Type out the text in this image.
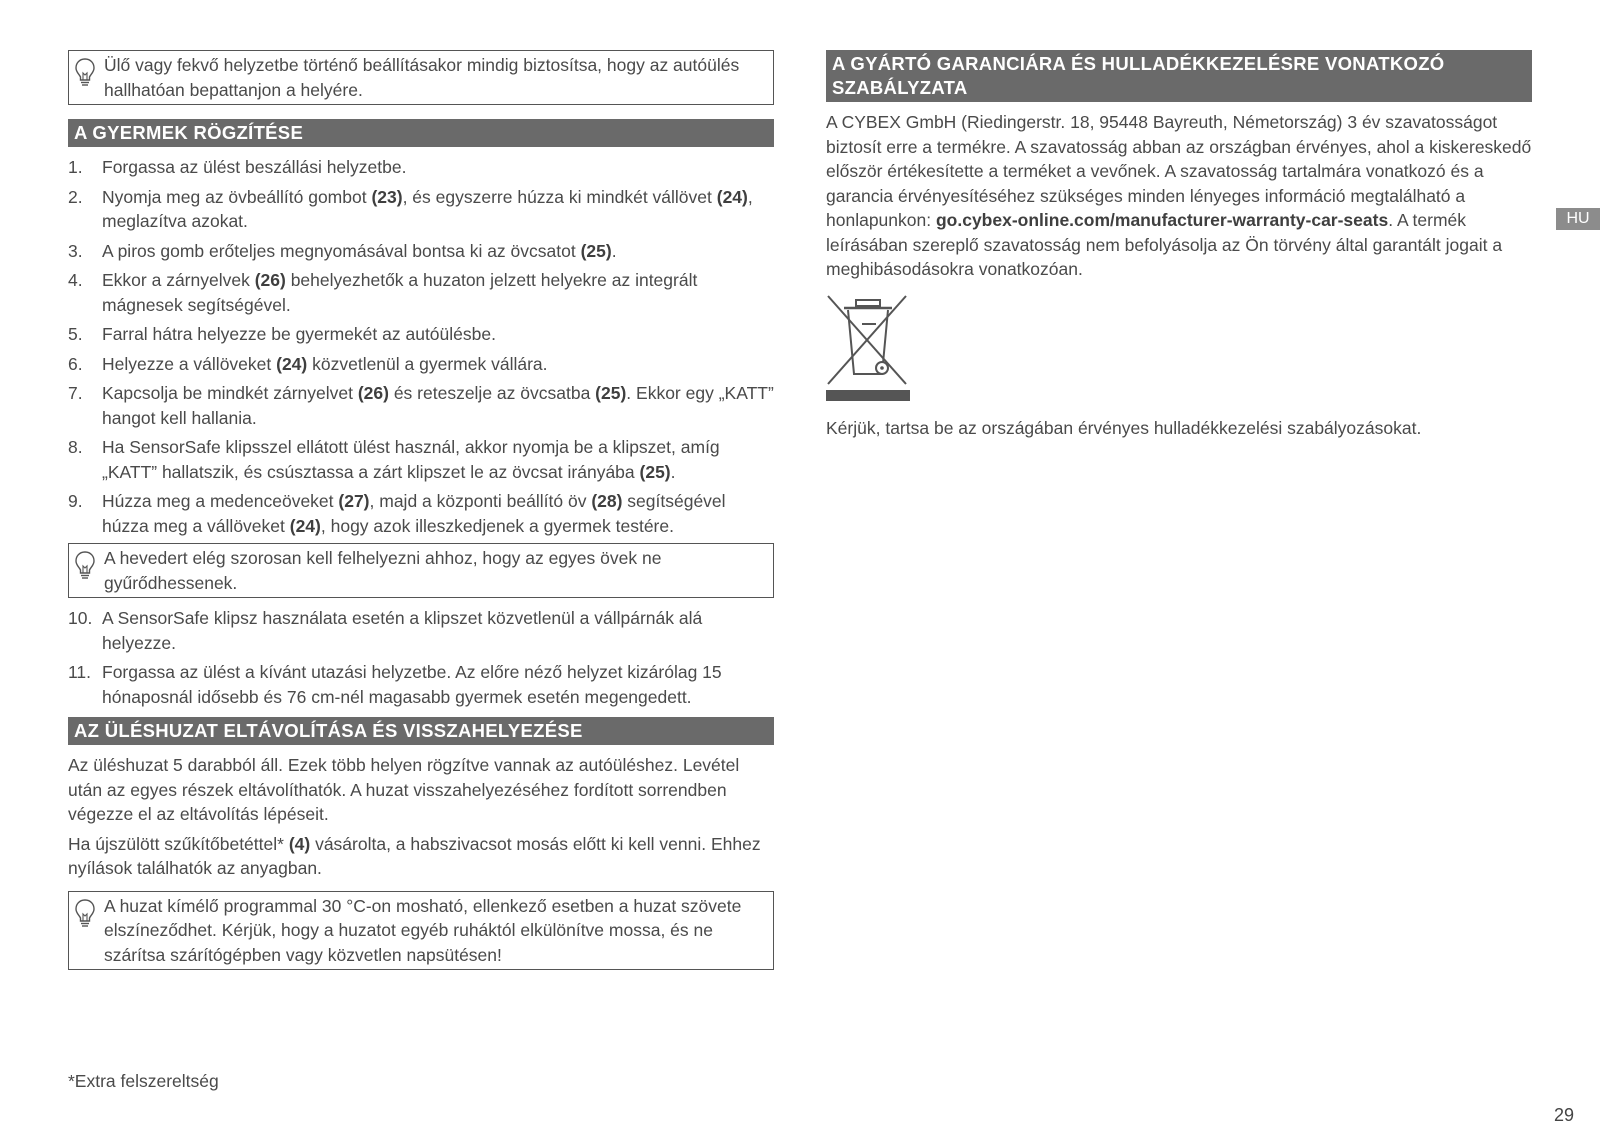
Ülő vagy fekvő helyzetbe történő beállításakor mindig biztosítsa, hogy az autóülés hallhatóan bepattanjon a helyére.
A GYERMEK RÖGZÍTÉSE
1. Forgassa az ülést beszállási helyzetbe.
2. Nyomja meg az övbeállító gombot (23), és egyszerre húzza ki mindkét vállövet (24), meglazítva azokat.
3. A piros gomb erőteljes megnyomásával bontsa ki az övcsatot (25).
4. Ekkor a zárnyelvek (26) behelyezhetők a huzaton jelzett helyekre az integrált mágnesek segítségével.
5. Farral hátra helyezze be gyermekét az autóülésbe.
6. Helyezze a vállöveket (24) közvetlenül a gyermek vállára.
7. Kapcsolja be mindkét zárnyelvet (26) és reteszelje az övcsatba (25). Ekkor egy „KATT” hangot kell hallania.
8. Ha SensorSafe klipsszel ellátott ülést használ, akkor nyomja be a klipszet, amíg „KATT” hallatszik, és csúsztassa a zárt klipszet le az övcsat irányába (25).
9. Húzza meg a medenceöveket (27), majd a központi beállító öv (28) segítségével húzza meg a vállöveket (24), hogy azok illeszkedjenek a gyermek testére.
A hevedert elég szorosan kell felhelyezni ahhoz, hogy az egyes övek ne gyűrődhessenek.
10. A SensorSafe klipsz használata esetén a klipszet közvetlenül a vállpárnák alá helyezze.
11. Forgassa az ülést a kívánt utazási helyzetbe. Az előre néző helyzet kizárólag 15 hónaposnál idősebb és 76 cm-nél magasabb gyermek esetén megengedett.
AZ ÜLÉSHUZAT ELTÁVOLÍTÁSA ÉS VISSZAHELYEZÉSE

Az üléshuzat 5 darabból áll. Ezek több helyen rögzítve vannak az autóüléshez. Levétel után az egyes részek eltávolíthatók. A huzat visszahelyezéséhez fordított sorrendben végezze el az eltávolítás lépéseit.

Ha újszülött szűkítőbetéttel* (4) vásárolta, a habszivacsot mosás előtt ki kell venni. Ehhez nyílások találhatók az anyagban.

A huzat kímélő programmal 30 °C-on mosható, ellenkező esetben a huzat szövete elszíneződhet. Kérjük, hogy a huzatot egyéb ruháktól elkülönítve mossa, és ne szárítsa szárítógépben vagy közvetlen napsütésen!
*Extra felszereltség
A GYÁRTÓ GARANCIÁRA ÉS HULLADÉKKEZELÉSRE VONATKOZÓ SZABÁLYZATA

A CYBEX GmbH (Riedingerstr. 18, 95448 Bayreuth, Németország) 3 év szavatosságot biztosít erre a termékre. A szavatosság abban az országban érvényes, ahol a kiskereskedő először értékesítette a terméket a vevőnek. A szavatosság tartalmára vonatkozó és a garancia érvényesítéséhez szükséges minden lényeges információ megtalálható a honlapunkon: go.cybex-online.com/manufacturer-warranty-car-seats. A termék leírásában szereplő szavatosság nem befolyásolja az Ön törvény által garantált jogait a meghibásodásokra vonatkozóan.

Kérjük, tartsa be az országában érvényes hulladékkezelési szabályozásokat.

HU
29
